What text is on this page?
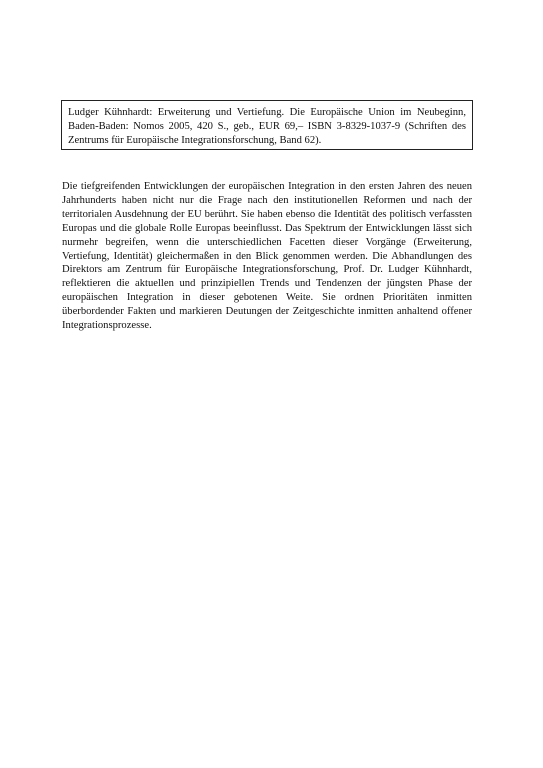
Ludger Kühnhardt: Erweiterung und Vertiefung. Die Europäische Union im Neubeginn, Baden-Baden: Nomos 2005, 420 S., geb., EUR 69,– ISBN 3-8329-1037-9 (Schriften des Zentrums für Europäische Integrationsforschung, Band 62).

Die tiefgreifenden Entwicklungen der europäischen Integration in den ersten Jahren des neuen Jahrhunderts haben nicht nur die Frage nach den institutionellen Reformen und nach der territorialen Ausdehnung der EU berührt. Sie haben ebenso die Identität des politisch verfassten Europas und die globale Rolle Europas beeinflusst. Das Spektrum der Entwicklungen lässt sich nurmehr begreifen, wenn die unterschiedlichen Facetten dieser Vorgänge (Erweiterung, Vertiefung, Identität) gleichermaßen in den Blick genommen werden. Die Abhandlungen des Direktors am Zentrum für Europäische Integrationsforschung, Prof. Dr. Ludger Kühnhardt, reflektieren die aktuellen und prinzipiellen Trends und Tendenzen der jüngsten Phase der europäischen Integration in dieser gebotenen Weite. Sie ordnen Prioritäten inmitten überbordender Fakten und markieren Deutungen der Zeitgeschichte inmitten anhaltend offener Integrationsprozesse.
